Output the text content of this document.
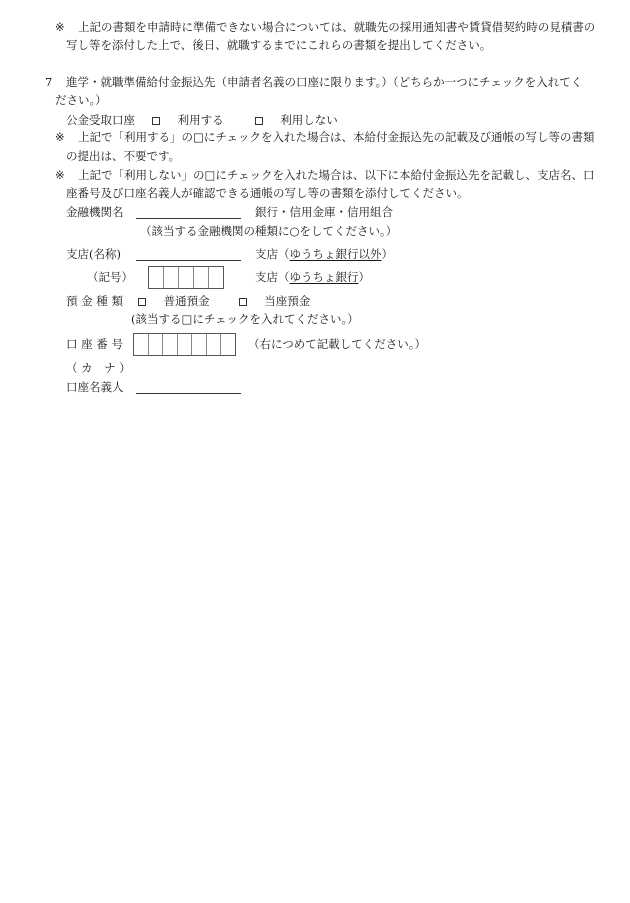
※ 上記の書類を申請時に準備できない場合については、就職先の採用通知書や賃貸借契約時の見積書の
写し等を添付した上で、後日、就職するまでにこれらの書類を提出してください。
7 進学・就職準備給付金振込先（申請者名義の口座に限ります。）（どちらか一つにチェックを入れてく
ださい。）
公金受取口座	利用する	利用しない
※ 上記で「利用する」の□にチェックを入れた場合は、本給付金振込先の記載及び通帳の写し等の書類
の提出は、不要です。
※ 上記で「利用しない」の□にチェックを入れた場合は、以下に本給付金振込先を記載し、支店名、口
座番号及び口座名義人が確認できる通帳の写し等の書類を添付してください。
金融機関名	銀行・信用金庫・信用組合
（該当する金融機関の種類に○をしてください。）
支店(名称)	支店（ゆうちょ銀行以外）
（記号）	支店（ゆうちょ銀行）
預 金 種 類	普通預金	当座預金
(該当する□にチェックを入れてください。）
口 座 番 号	（右につめて記載してください。）
（ カ　ナ ）
口座名義人
